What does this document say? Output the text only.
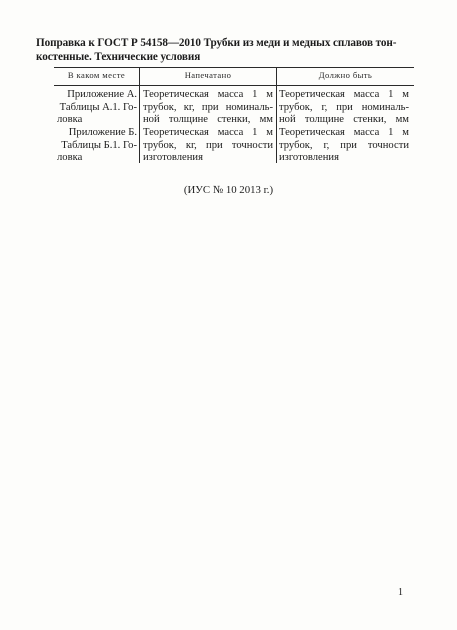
Поправка к ГОСТ Р 54158—2010 Трубки из меди и медных сплавов тон-
костенные. Технические условия
В каком месте	Напечатано	Должно быть
Приложение А.
Таблицы А.1. Го-
ловка
Теоретическая масса 1 м
трубок, кг, при номиналь-
ной толщине стенки, мм
Теоретическая масса 1 м
трубок, г, при номиналь-
ной толщине стенки, мм
Приложение Б.
Таблицы Б.1. Го-
ловка
Теоретическая масса 1 м
трубок, кг, при точности
изготовления
Теоретическая масса 1 м
трубок, г, при точности
изготовления
(ИУС № 10 2013 г.)
1
